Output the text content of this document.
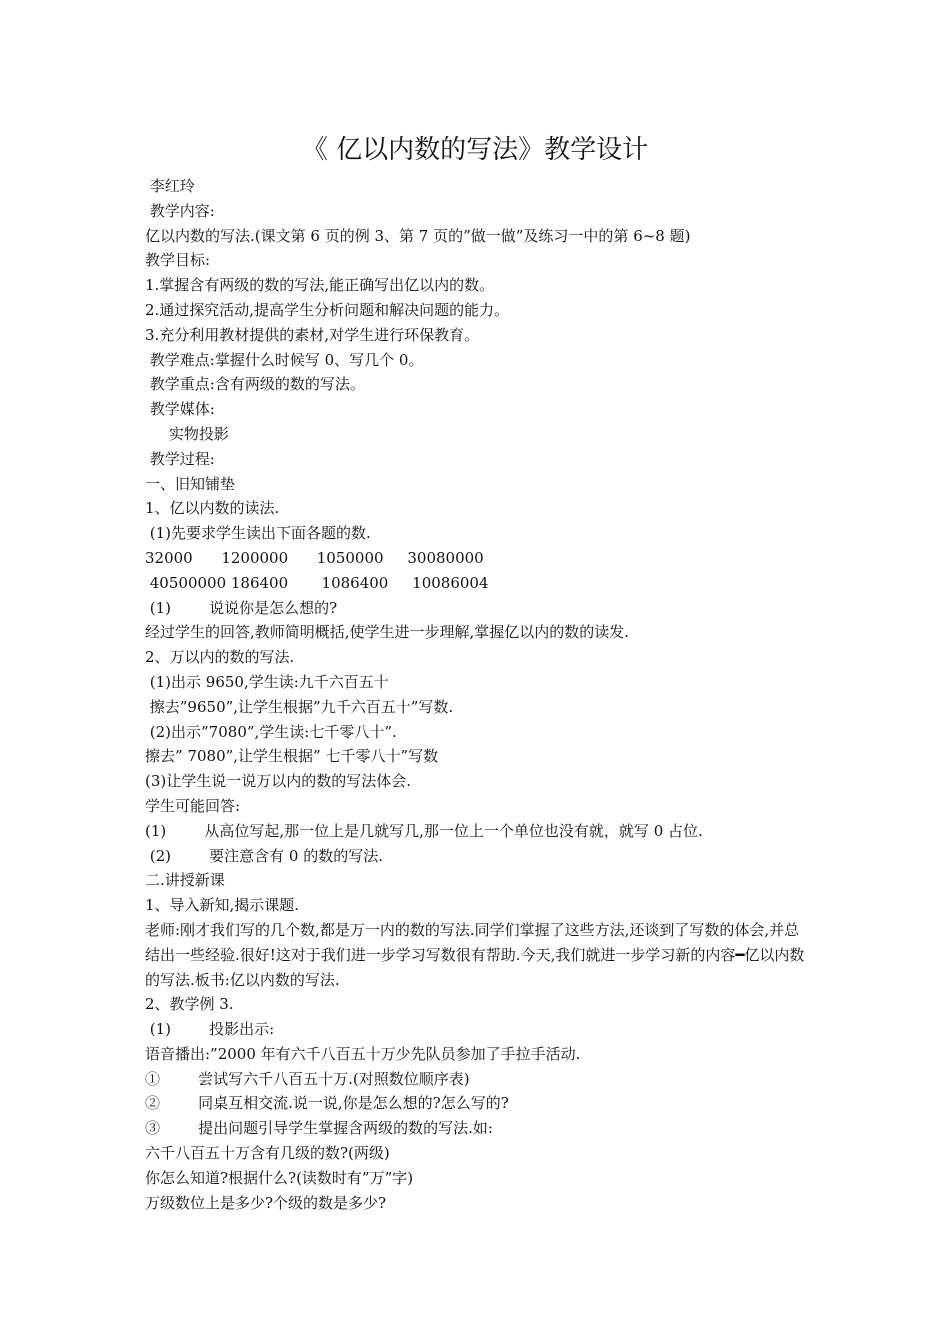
《 亿以内数的写法》教学设计
李红玲
教学内容:
亿以内数的写法.(课文第 6 页的例 3、第 7 页的”做一做”及练习一中的第 6~8 题)
教学目标:
1.掌握含有两级的数的写法,能正确写出亿以内的数。
2.通过探究活动,提高学生分析问题和解决问题的能力。
3.充分利用教材提供的素材,对学生进行环保教育。
教学难点:掌握什么时候写 0、写几个 0。
教学重点:含有两级的数的写法。
教学媒体:
实物投影
教学过程:
一、旧知铺垫
1、亿以内数的读法.
(1)先要求学生读出下面各题的数.
32000      1200000      1050000     30080000
40500000 186400       1086400     10086004
(1)        说说你是怎么想的?
经过学生的回答,教师简明概括,使学生进一步理解,掌握亿以内的数的读发.
2、万以内的数的写法.
(1)出示 9650,学生读:九千六百五十
擦去”9650”,让学生根据”九千六百五十”写数.
(2)出示”7080”,学生读:七千零八十”.
擦去” 7080”,让学生根据” 七千零八十”写数
(3)让学生说一说万以内的数的写法体会.
学生可能回答:
(1)        从高位写起,那一位上是几就写几,那一位上一个单位也没有就，就写 0 占位.
(2)        要注意含有 0 的数的写法.
二.讲授新课
1、导入新知,揭示课题.
老师:刚才我们写的几个数,都是万一内的数的写法.同学们掌握了这些方法,还谈到了写数的体会,并总结出一些经验.很好!这对于我们进一步学习写数很有帮助.今天,我们就进一步学习新的内容━亿以内数的写法.板书:亿以内数的写法.
2、教学例 3.
(1)        投影出示:
语音播出:”2000 年有六千八百五十万少先队员参加了手拉手活动.
①        尝试写六千八百五十万.(对照数位顺序表)
②        同桌互相交流.说一说,你是怎么想的?怎么写的?
③        提出问题引导学生掌握含两级的数的写法.如:
六千八百五十万含有几级的数?(两级)
你怎么知道?根据什么?(读数时有”万”字)
万级数位上是多少?个级的数是多少?
